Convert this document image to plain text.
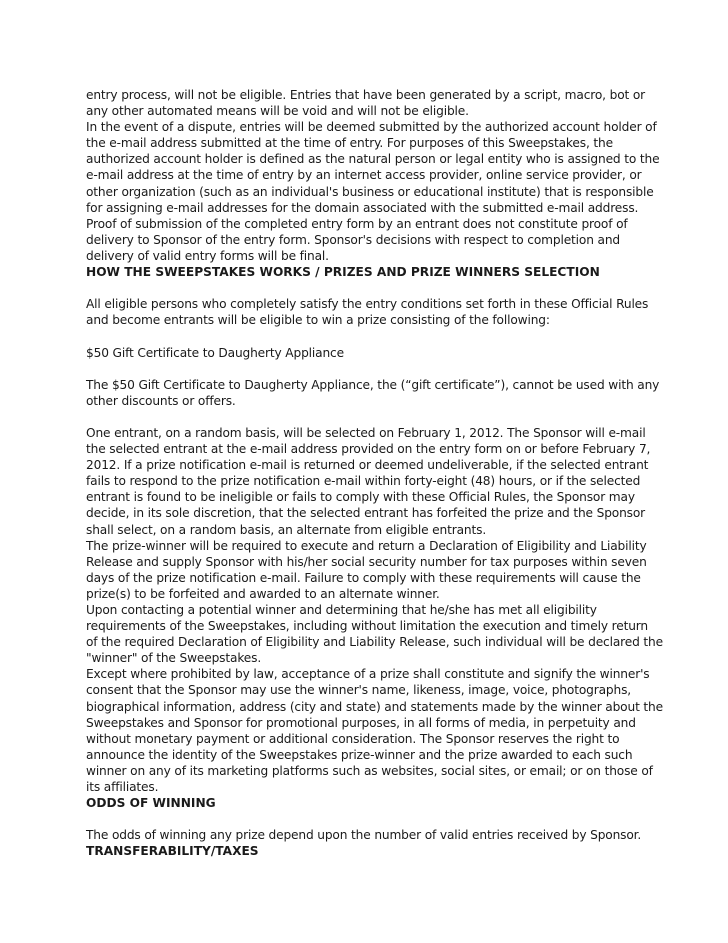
entry process, will not be eligible. Entries that have been generated by a script, macro, bot or
any other automated means will be void and will not be eligible.
In the event of a dispute, entries will be deemed submitted by the authorized account holder of
the e-mail address submitted at the time of entry. For purposes of this Sweepstakes, the
authorized account holder is defined as the natural person or legal entity who is assigned to the
e-mail address at the time of entry by an internet access provider, online service provider, or
other organization (such as an individual's business or educational institute) that is responsible
for assigning e-mail addresses for the domain associated with the submitted e-mail address.
Proof of submission of the completed entry form by an entrant does not constitute proof of
delivery to Sponsor of the entry form. Sponsor's decisions with respect to completion and
delivery of valid entry forms will be final.
HOW THE SWEEPSTAKES WORKS / PRIZES AND PRIZE WINNERS SELECTION
All eligible persons who completely satisfy the entry conditions set forth in these Official Rules
and become entrants will be eligible to win a prize consisting of the following:
$50 Gift Certificate to Daugherty Appliance
The $50 Gift Certificate to Daugherty Appliance, the (“gift certificate”), cannot be used with any
other discounts or offers.
One entrant, on a random basis, will be selected on February 1, 2012. The Sponsor will e-mail
the selected entrant at the e-mail address provided on the entry form on or before February 7,
2012. If a prize notification e-mail is returned or deemed undeliverable, if the selected entrant
fails to respond to the prize notification e-mail within forty-eight (48) hours, or if the selected
entrant is found to be ineligible or fails to comply with these Official Rules, the Sponsor may
decide, in its sole discretion, that the selected entrant has forfeited the prize and the Sponsor
shall select, on a random basis, an alternate from eligible entrants.
The prize-winner will be required to execute and return a Declaration of Eligibility and Liability
Release and supply Sponsor with his/her social security number for tax purposes within seven
days of the prize notification e-mail. Failure to comply with these requirements will cause the
prize(s) to be forfeited and awarded to an alternate winner.
Upon contacting a potential winner and determining that he/she has met all eligibility
requirements of the Sweepstakes, including without limitation the execution and timely return
of the required Declaration of Eligibility and Liability Release, such individual will be declared the
"winner" of the Sweepstakes.
Except where prohibited by law, acceptance of a prize shall constitute and signify the winner's
consent that the Sponsor may use the winner's name, likeness, image, voice, photographs,
biographical information, address (city and state) and statements made by the winner about the
Sweepstakes and Sponsor for promotional purposes, in all forms of media, in perpetuity and
without monetary payment or additional consideration. The Sponsor reserves the right to
announce the identity of the Sweepstakes prize-winner and the prize awarded to each such
winner on any of its marketing platforms such as websites, social sites, or email; or on those of
its affiliates.
ODDS OF WINNING
The odds of winning any prize depend upon the number of valid entries received by Sponsor.
TRANSFERABILITY/TAXES
